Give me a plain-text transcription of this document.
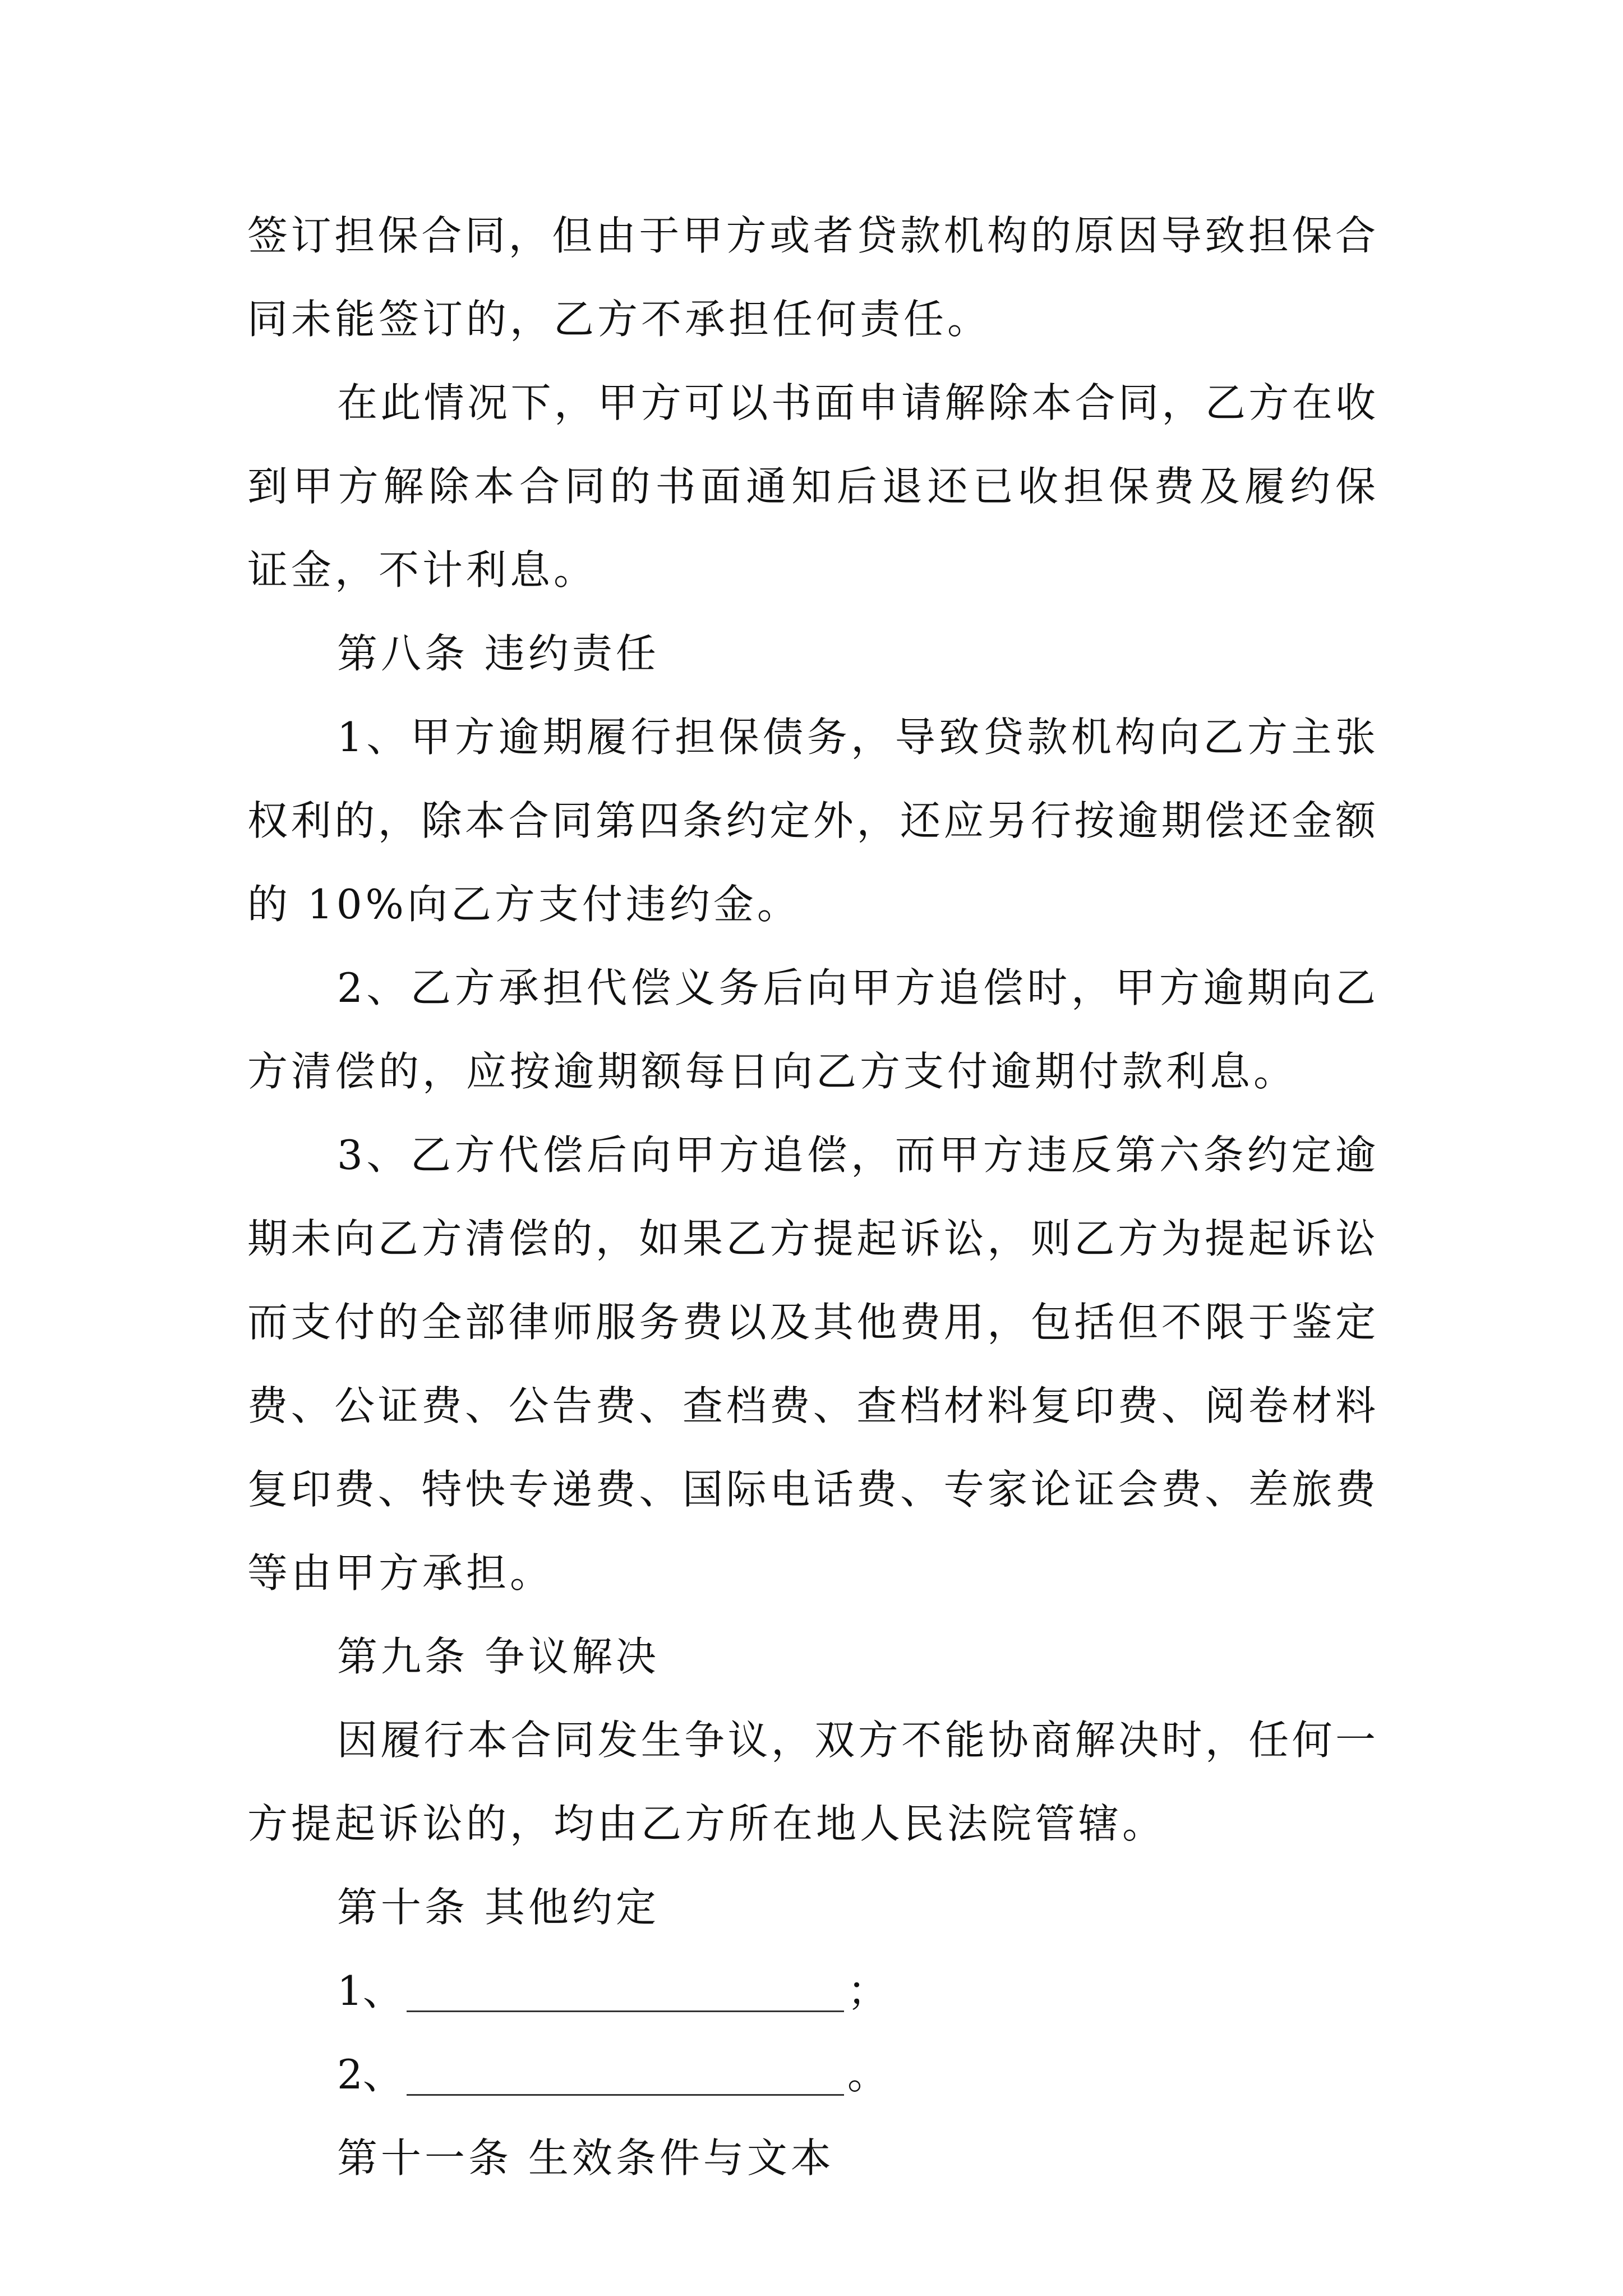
签订担保合同，但由于甲方或者贷款机构的原因导致担保合
同未能签订的，乙方不承担任何责任。
在此情况下，甲方可以书面申请解除本合同，乙方在收
到甲方解除本合同的书面通知后退还已收担保费及履约保
证金，不计利息。
第八条 违约责任
1、甲方逾期履行担保债务，导致贷款机构向乙方主张
权利的，除本合同第四条约定外，还应另行按逾期偿还金额
的 10%向乙方支付违约金。
2、乙方承担代偿义务后向甲方追偿时，甲方逾期向乙
方清偿的，应按逾期额每日向乙方支付逾期付款利息。
3、乙方代偿后向甲方追偿，而甲方违反第六条约定逾
期未向乙方清偿的，如果乙方提起诉讼，则乙方为提起诉讼
而支付的全部律师服务费以及其他费用，包括但不限于鉴定
费、公证费、公告费、查档费、查档材料复印费、阅卷材料
复印费、特快专递费、国际电话费、专家论证会费、差旅费
等由甲方承担。
第九条 争议解决
因履行本合同发生争议，双方不能协商解决时，任何一
方提起诉讼的，均由乙方所在地人民法院管辖。
第十条 其他约定
1、	；
2、	。
第十一条 生效条件与文本
